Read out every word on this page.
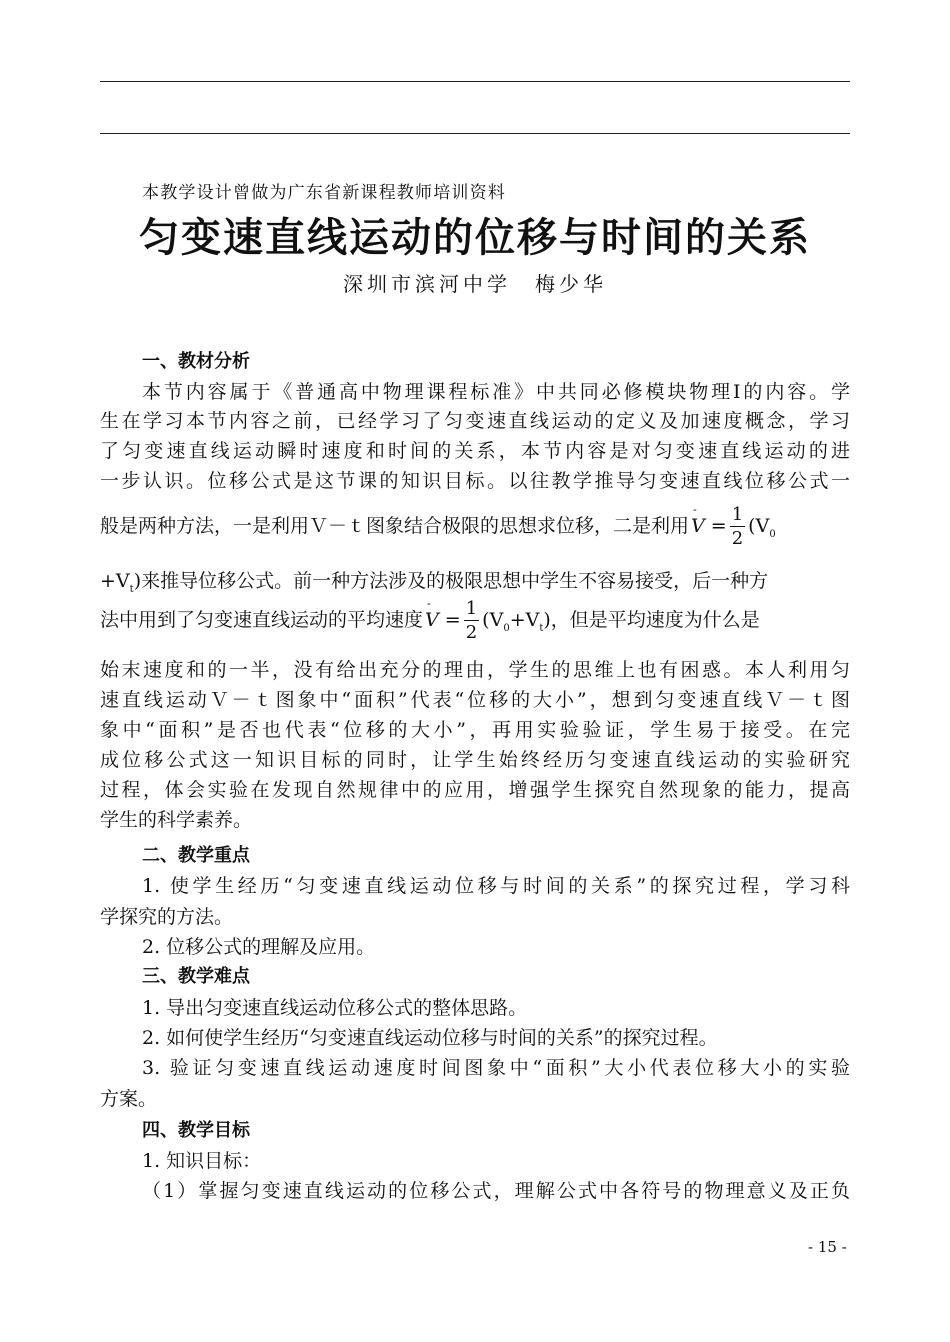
本教学设计曾做为广东省新课程教师培训资料
匀变速直线运动的位移与时间的关系
深圳市滨河中学　梅少华
一、教材分析
本节内容属于《普通高中物理课程标准》中共同必修模块物理Ⅰ的内容。学
生在学习本节内容之前，已经学习了匀变速直线运动的定义及加速度概念，学习
了匀变速直线运动瞬时速度和时间的关系，本节内容是对匀变速直线运动的进
一步认识。位移公式是这节课的知识目标。以往教学推导匀变速直线位移公式一
般是两种方法，一是利用Ｖ－ｔ图象结合极限的思想求位移，二是利用 - $V = \frac{1}{2} (V_0$
$+V_t$)来推导位移公式。前一种方法涉及的极限思想中学生不容易接受，后一种方
法中用到了匀变速直线运动的平均速度 - $V = \frac{1}{2} (V_0+V_t)$，但是平均速度为什么是
始末速度和的一半，没有给出充分的理由，学生的思维上也有困惑。本人利用匀
速直线运动Ｖ－ｔ图象中“面积”代表“位移的大小”，想到匀变速直线Ｖ－ｔ图
象中“面积”是否也代表“位移的大小”，再用实验验证，学生易于接受。在完
成位移公式这一知识目标的同时，让学生始终经历匀变速直线运动的实验研究
过程，体会实验在发现自然规律中的应用，增强学生探究自然现象的能力，提高
学生的科学素养。
二、教学重点
1. 使学生经历“匀变速直线运动位移与时间的关系”的探究过程，学习科
学探究的方法。
2. 位移公式的理解及应用。
三、教学难点
1. 导出匀变速直线运动位移公式的整体思路。
2. 如何使学生经历“匀变速直线运动位移与时间的关系”的探究过程。
3. 验证匀变速直线运动速度时间图象中“面积”大小代表位移大小的实验
方案。
四、教学目标
1. 知识目标：
（1）掌握匀变速直线运动的位移公式，理解公式中各符号的物理意义及正负
- 15 -
